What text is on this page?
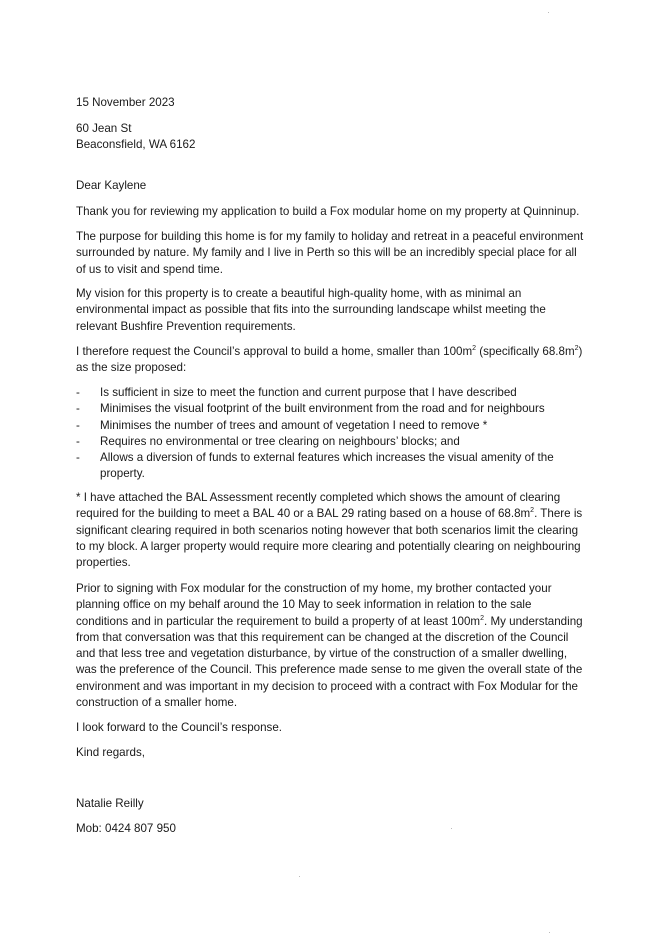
15 November 2023
60 Jean St
Beaconsfield, WA 6162
Dear Kaylene

Thank you for reviewing my application to build a Fox modular home on my property at Quinninup.

The purpose for building this home is for my family to holiday and retreat in a peaceful environment surrounded by nature. My family and I live in Perth so this will be an incredibly special place for all of us to visit and spend time.

My vision for this property is to create a beautiful high-quality home, with as minimal an environmental impact as possible that fits into the surrounding landscape whilst meeting the relevant Bushfire Prevention requirements.

I therefore request the Council’s approval to build a home, smaller than $100m^2$ (specifically $68.8m^2$)
as the size proposed:

- Is sufficient in size to meet the function and current purpose that I have described
- Minimises the visual footprint of the built environment from the road and for neighbours
- Minimises the number of trees and amount of vegetation I need to remove *
- Requires no environmental or tree clearing on neighbours’ blocks; and
- Allows a diversion of funds to external features which increases the visual amenity of the property.

* I have attached the BAL Assessment recently completed which shows the amount of clearing required for the building to meet a BAL 40 or a BAL 29 rating based on a house of $68.8m^2$. There is significant clearing required in both scenarios noting however that both scenarios limit the clearing to my block. A larger property would require more clearing and potentially clearing on neighbouring properties.

Prior to signing with Fox modular for the construction of my home, my brother contacted your planning office on my behalf around the 10 May to seek information in relation to the sale conditions and in particular the requirement to build a property of at least $100m^2$. My understanding from that conversation was that this requirement can be changed at the discretion of the Council and that less tree and vegetation disturbance, by virtue of the construction of a smaller dwelling, was the preference of the Council. This preference made sense to me given the overall state of the environment and was important in my decision to proceed with a contract with Fox Modular for the construction of a smaller home.

I look forward to the Council’s response.

Kind regards,
Natalie Reilly
Mob: 0424 807 950
